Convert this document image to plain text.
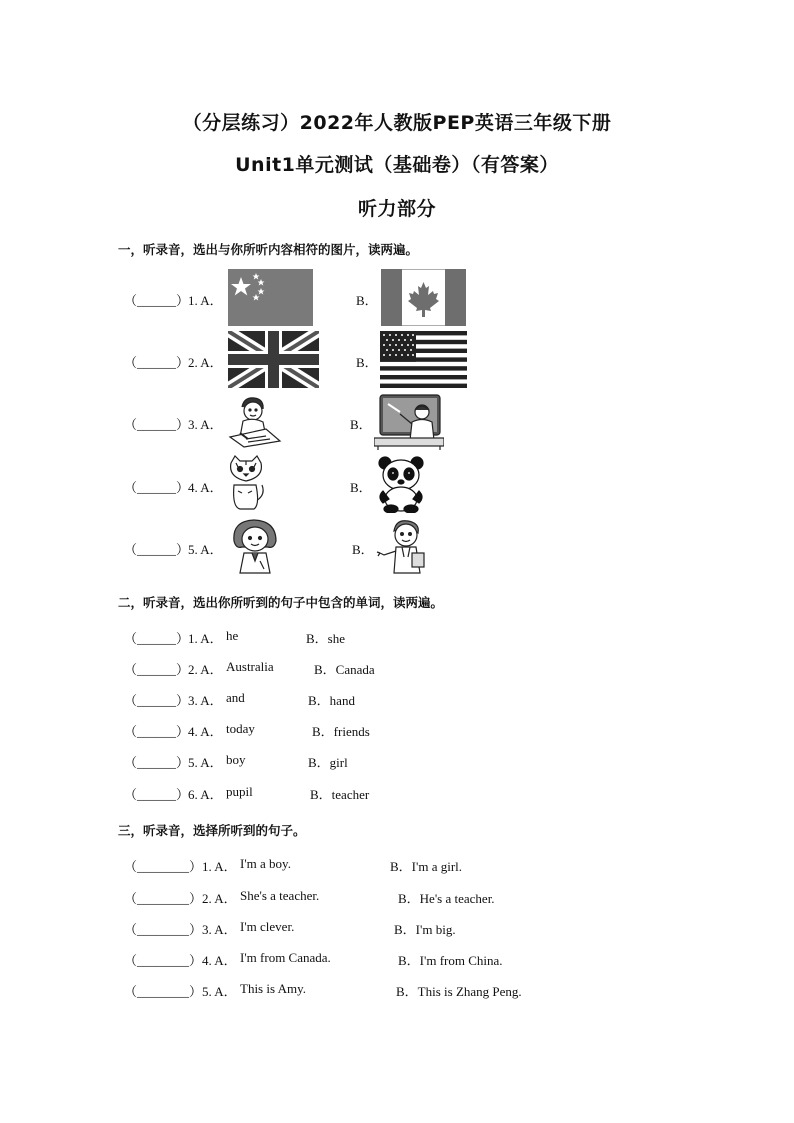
（分层练习）2022年人教版PEP英语三年级下册
Unit1单元测试（基础卷）（有答案）
听力部分
一，听录音，选出与你所听内容相符的图片，读两遍。
（______）
1. A．	B．
（______）
2. A．	B．
（______）
3. A．	B．
（______）
4. A．	B．
（______）
5. A．	B．
二，听录音，选出你所听到的句子中包含的单词，读两遍。
（______）
1. A． he	B．she
（______）
2. A． Australia	B．Canada
（______）
3. A． and	B．hand
（______）
4. A． today	B．friends
（______）
5. A． boy	B．girl
（______）
6. A． pupil	B．teacher
三，听录音，选择所听到的句子。
（________） 1. A． I'm a boy.	B．I'm a girl.
（________） 2. A． She's a teacher.	B．He's a teacher.
（________） 3. A． I'm clever.	B．I'm big.
（________） 4. A． I'm from Canada.	B．I'm from China.
（________） 5. A． This is Amy.	B．This is Zhang Peng.
